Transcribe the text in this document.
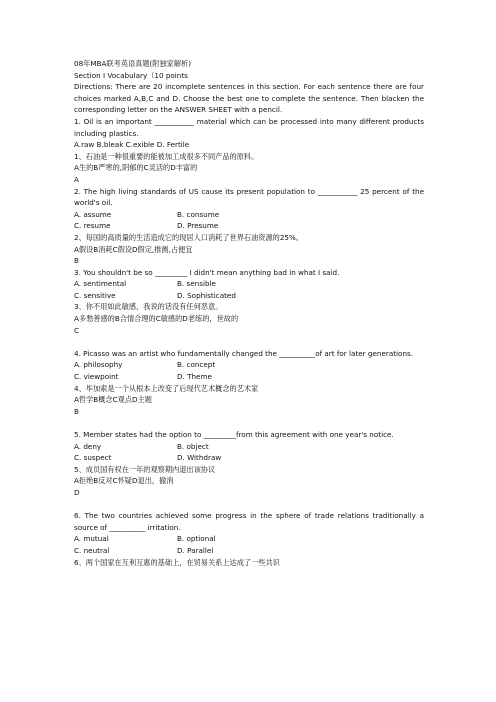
08年MBA联考英语真题(附独家解析)
Section I Vocabulary（10 points
Directions: There are 20 incomplete sentences in this section. For each sentence there are four choices marked A,B,C and D. Choose the best one to complete the sentence. Then blacken the corresponding letter on the ANSWER SHEET with a pencil.
1. Oil is an important ___________ material which can be processed into many different products including plastics.
A.raw B.bleak C.exible D. Fertile
1、石油是一种很重要的能被加工成很多不同产品的原料。
A生的B严寒的,阴郁的C灵活的D丰富的
A
2. The high living standards of US cause its present population to ___________ 25 percent of the world's oil.
A. assume	B. consume
C. resume	D. Presume
2、每国的高质量的生活造成它的现居人口消耗了世界石油资源的25%。
A假设B消耗C假设D假定,推测,占便宜
B
3. You shouldn't be so _________ I didn't mean anything bad in what I said.
A. sentimental	B. sensible
C. sensitive	D. Sophisticated
3、你不用如此敏感，我说的话没有任何恶意。
A多愁善感的B合情合理的C敏感的D老练的，世故的
C
4. Picasso was an artist who fundamentally changed the __________of art for later generations.
A. philosophy	B. concept
C. viewpoint	D. Theme
4、毕加索是一个从根本上改变了后现代艺术概念的艺术家
A哲学B概念C观点D主题
B
5. Member states had the option to _________from this agreement with one year's notice.
A. deny	B. object
C. suspect	D. Withdraw
5、成员国有权在一年的观察期内退出该协议
A拒绝B反对C怀疑D退出，撤消
D
6. The two countries achieved some progress in the sphere of trade relations traditionally a source of __________ irritation.
A. mutual	B. optional
C. neutral	D. Parallel
6、两个国家在互利互惠的基础上，在贸易关系上达成了一些共识
